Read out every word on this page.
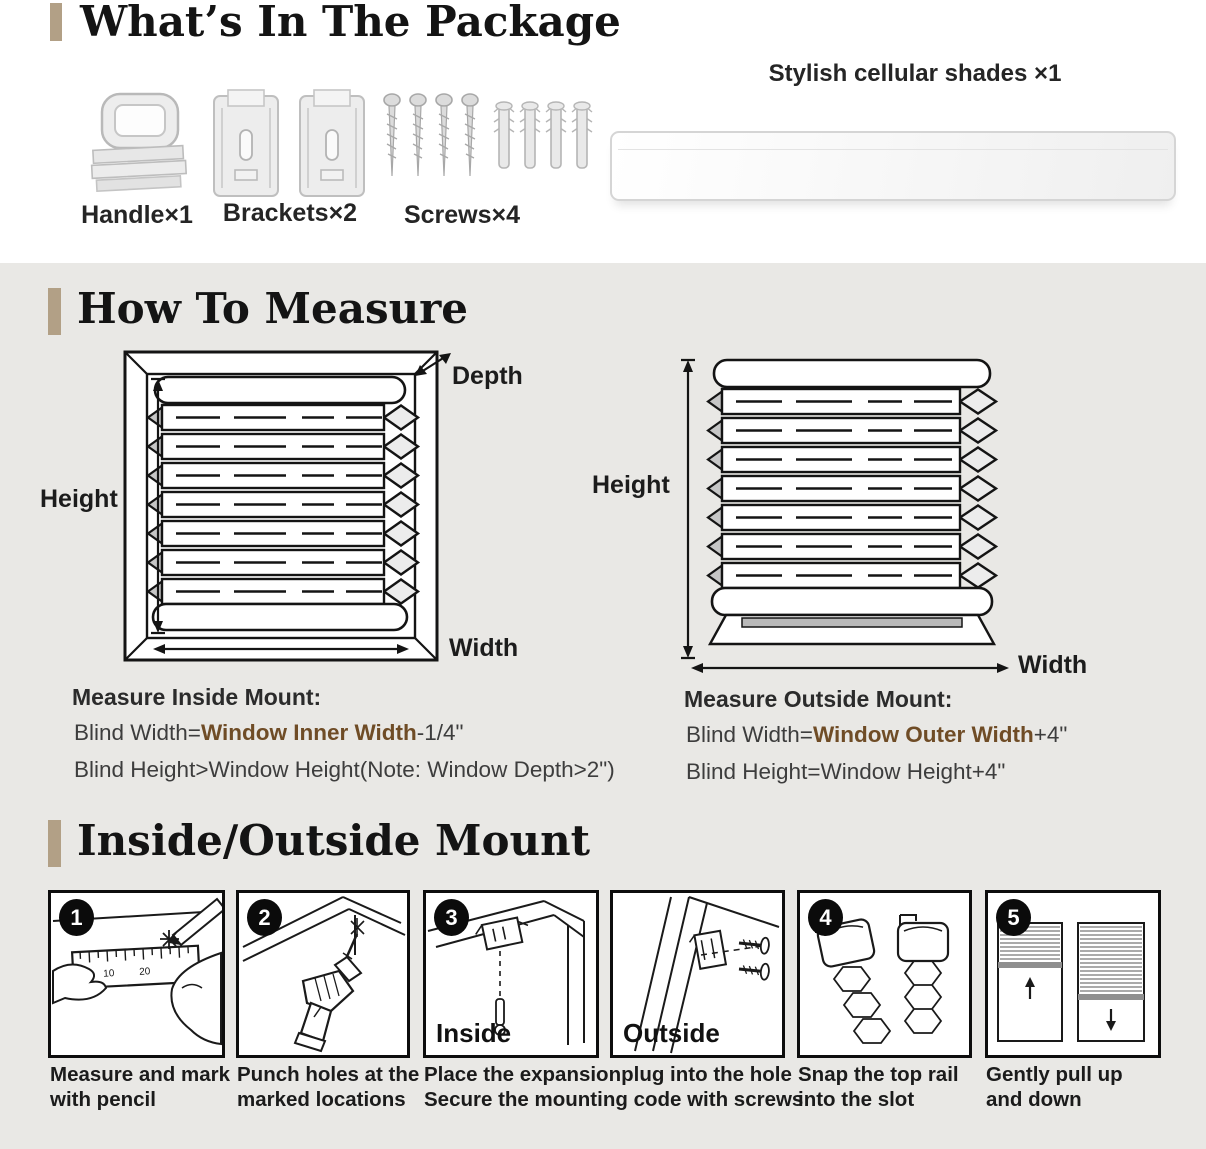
What’s In The Package
Handle×1	Brackets×2	Screws×4
Stylish cellular shades ×1
How To Measure
Height
Depth
Width
Height
Width
Measure Inside Mount:
Blind Width=Window Inner Width-1/4"
Blind Height>Window Height(Note: Window Depth>2")
Measure Outside Mount:
Blind Width=Window Outer Width+4"
Blind Height=Window Height+4"
Inside/Outside Mount
10 20
1	2	3
Inside	Outside
4	5
Measure and mark
with pencil
Punch holes at the
marked locations
Place the expansionplug into the hole
Secure the mounting code with screws
Snap the top rail
into the slot
Gently pull up
and down
